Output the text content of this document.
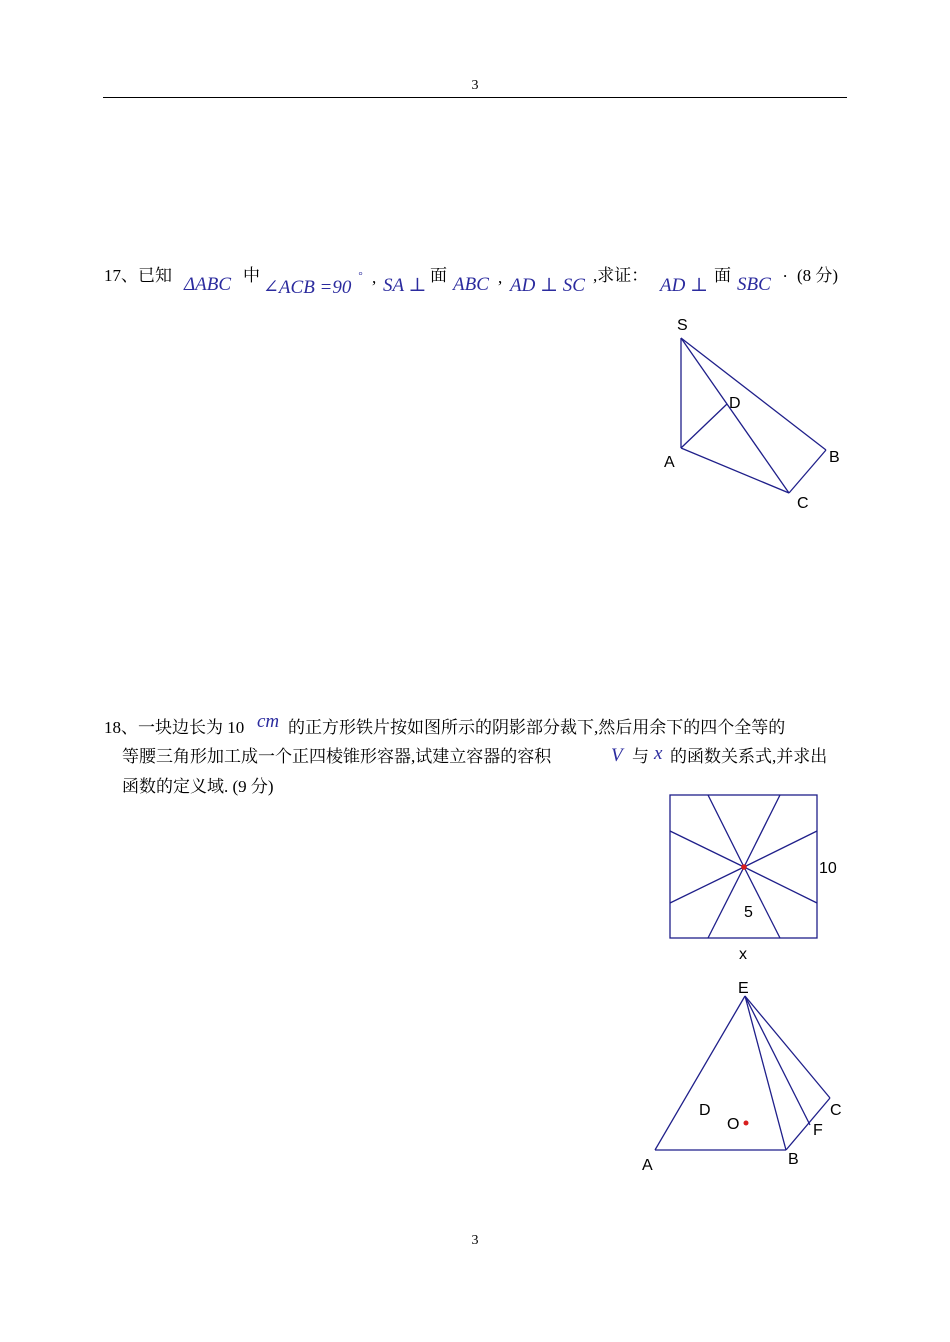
3
17、已知 ΔABC 中
∠ACB =90
° , SA ⊥ 面 ABC , AD ⊥ SC ,求证： AD ⊥ 面 SBC
. (8 分)
S
D
A	B
C
18、一块边长为 10 cm 的正方形铁片按如图所示的阴影部分裁下,然后用余下的四个全等的
等腰三角形加工成一个正四棱锥形容器,试建立容器的容积	V 与 x 的函数关系式,并求出
函数的定义域. (9 分)
10
5
x
E
D
O
A	B
C
F
3
